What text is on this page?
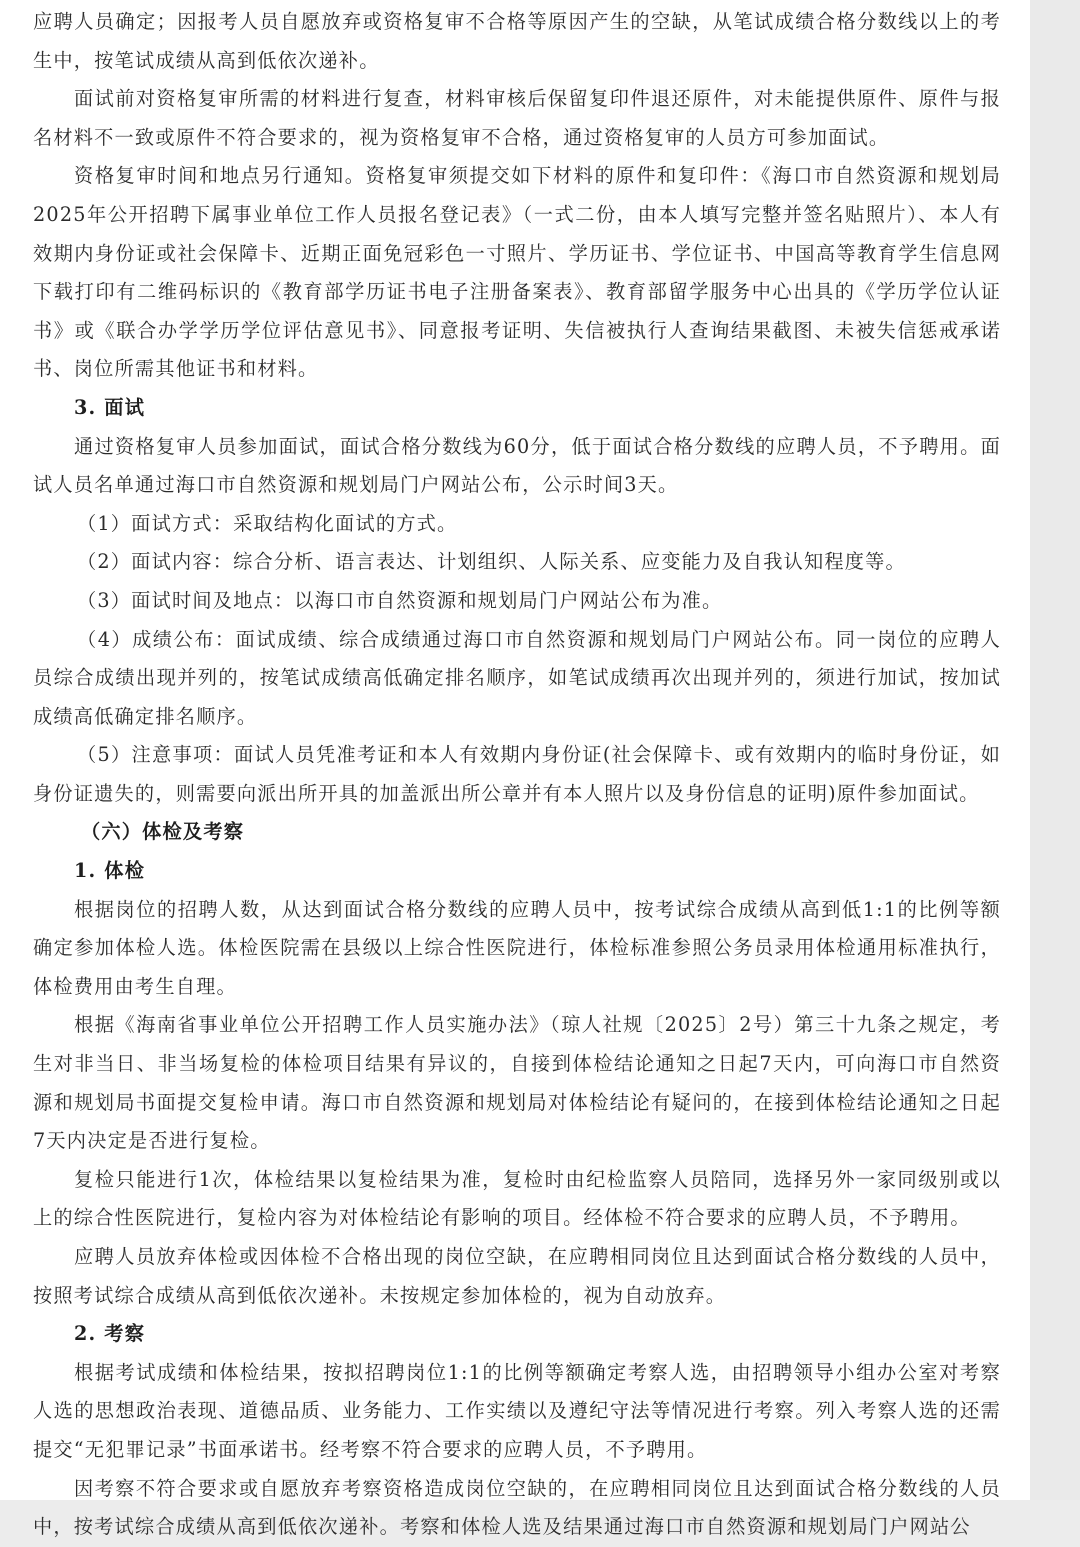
应聘人员确定；因报考人员自愿放弃或资格复审不合格等原因产生的空缺，从笔试成绩合格分数线以上的考生中，按笔试成绩从高到低依次递补。

面试前对资格复审所需的材料进行复查，材料审核后保留复印件退还原件，对未能提供原件、原件与报名材料不一致或原件不符合要求的，视为资格复审不合格，通过资格复审的人员方可参加面试。

资格复审时间和地点另行通知。资格复审须提交如下材料的原件和复印件：《海口市自然资源和规划局2025年公开招聘下属事业单位工作人员报名登记表》（一式二份，由本人填写完整并签名贴照片）、本人有效期内身份证或社会保障卡、近期正面免冠彩色一寸照片、学历证书、学位证书、中国高等教育学生信息网下载打印有二维码标识的《教育部学历证书电子注册备案表》、教育部留学服务中心出具的《学历学位认证书》或《联合办学学历学位评估意见书》、同意报考证明、失信被执行人查询结果截图、未被失信惩戒承诺书、岗位所需其他证书和材料。

3. 面试

通过资格复审人员参加面试，面试合格分数线为60分，低于面试合格分数线的应聘人员，不予聘用。面试人员名单通过海口市自然资源和规划局门户网站公布，公示时间3天。

（1）面试方式：采取结构化面试的方式。

（2）面试内容：综合分析、语言表达、计划组织、人际关系、应变能力及自我认知程度等。

（3）面试时间及地点：以海口市自然资源和规划局门户网站公布为准。

（4）成绩公布：面试成绩、综合成绩通过海口市自然资源和规划局门户网站公布。同一岗位的应聘人员综合成绩出现并列的，按笔试成绩高低确定排名顺序，如笔试成绩再次出现并列的，须进行加试，按加试成绩高低确定排名顺序。

（5）注意事项：面试人员凭准考证和本人有效期内身份证(社会保障卡、或有效期内的临时身份证，如身份证遗失的，则需要向派出所开具的加盖派出所公章并有本人照片以及身份信息的证明)原件参加面试。

（六）体检及考察
1. 体检

根据岗位的招聘人数，从达到面试合格分数线的应聘人员中，按考试综合成绩从高到低1:1的比例等额确定参加体检人选。体检医院需在县级以上综合性医院进行，体检标准参照公务员录用体检通用标准执行，体检费用由考生自理。

根据《海南省事业单位公开招聘工作人员实施办法》（琼人社规〔2025〕2号）第三十九条之规定，考生对非当日、非当场复检的体检项目结果有异议的，自接到体检结论通知之日起7天内，可向海口市自然资源和规划局书面提交复检申请。海口市自然资源和规划局对体检结论有疑问的，在接到体检结论通知之日起7天内决定是否进行复检。

复检只能进行1次，体检结果以复检结果为准，复检时由纪检监察人员陪同，选择另外一家同级别或以上的综合性医院进行，复检内容为对体检结论有影响的项目。经体检不符合要求的应聘人员，不予聘用。

应聘人员放弃体检或因体检不合格出现的岗位空缺，在应聘相同岗位且达到面试合格分数线的人员中，按照考试综合成绩从高到低依次递补。未按规定参加体检的，视为自动放弃。

2. 考察

根据考试成绩和体检结果，按拟招聘岗位1:1的比例等额确定考察人选，由招聘领导小组办公室对考察人选的思想政治表现、道德品质、业务能力、工作实绩以及遵纪守法等情况进行考察。列入考察人选的还需提交“无犯罪记录”书面承诺书。经考察不符合要求的应聘人员，不予聘用。

因考察不符合要求或自愿放弃考察资格造成岗位空缺的，在应聘相同岗位且达到面试合格分数线的人员中，按考试综合成绩从高到低依次递补。考察和体检人选及结果通过海口市自然资源和规划局门户网站公
